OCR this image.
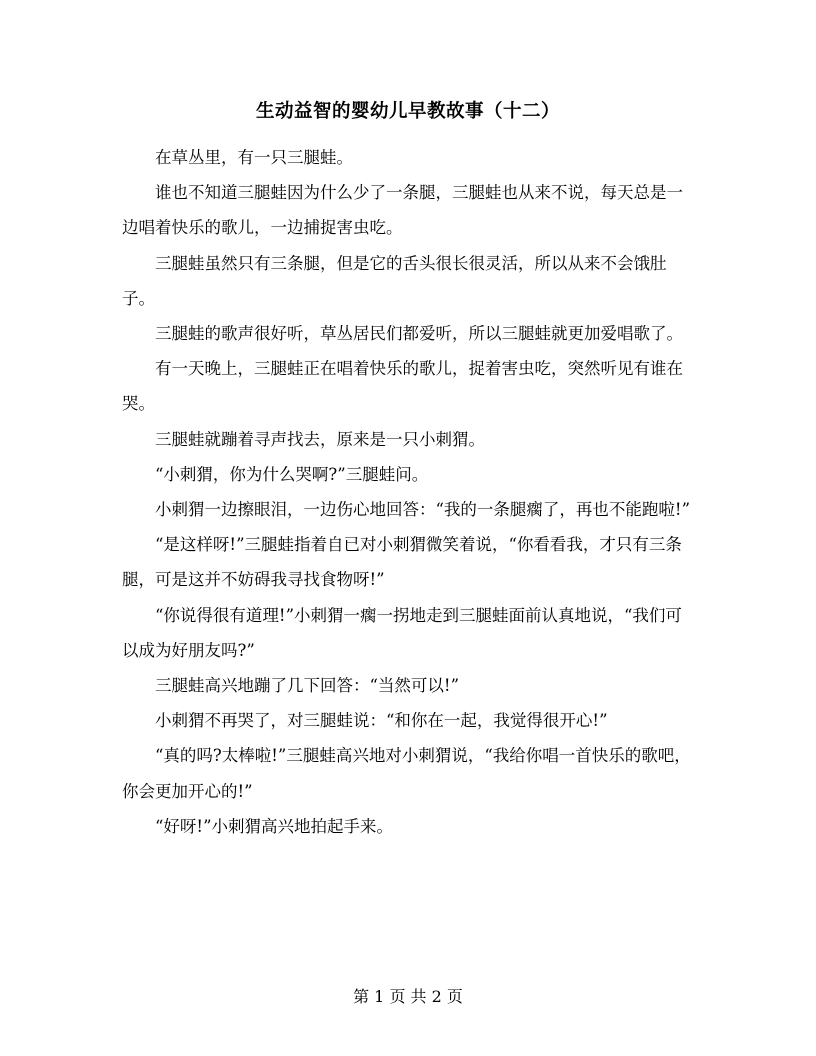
生动益智的婴幼儿早教故事（十二）

在草丛里，有一只三腿蛙。

谁也不知道三腿蛙因为什么少了一条腿，三腿蛙也从来不说，每天总是一边唱着快乐的歌儿，一边捕捉害虫吃。

三腿蛙虽然只有三条腿，但是它的舌头很长很灵活，所以从来不会饿肚子。

三腿蛙的歌声很好听，草丛居民们都爱听，所以三腿蛙就更加爱唱歌了。

有一天晚上，三腿蛙正在唱着快乐的歌儿，捉着害虫吃，突然听见有谁在哭。

三腿蛙就蹦着寻声找去，原来是一只小刺猬。

“小刺猬，你为什么哭啊?”三腿蛙问。

小刺猬一边擦眼泪，一边伤心地回答：“我的一条腿瘸了，再也不能跑啦!”

“是这样呀!”三腿蛙指着自已对小刺猬微笑着说，“你看看我，才只有三条腿，可是这并不妨碍我寻找食物呀!”

“你说得很有道理!”小刺猬一瘸一拐地走到三腿蛙面前认真地说，“我们可以成为好朋友吗?”

三腿蛙高兴地蹦了几下回答：“当然可以!”

小刺猬不再哭了，对三腿蛙说：“和你在一起，我觉得很开心!”

“真的吗?太棒啦!”三腿蛙高兴地对小刺猬说，“我给你唱一首快乐的歌吧，你会更加开心的!”

“好呀!”小刺猬高兴地拍起手来。

第 1 页 共 2 页
